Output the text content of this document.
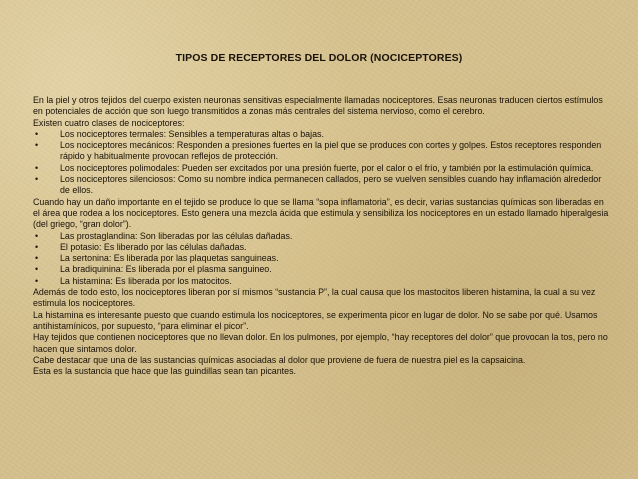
TIPOS DE RECEPTORES DEL DOLOR (NOCICEPTORES)

En la piel y otros tejidos del cuerpo existen neuronas sensitivas especialmente llamadas nociceptores. Esas neuronas traducen ciertos estímulos en potenciales de acción que son luego transmitidos a zonas más centrales del sistema nervioso, como el cerebro.

Existen cuatro clases de nociceptores:

• Los nociceptores termales: Sensibles a temperaturas altas o bajas.

• Los nociceptores mecánicos: Responden a presiones fuertes en la piel que se produces con cortes y golpes. Estos receptores responden rápido y habitualmente provocan reflejos de protección.

• Los nociceptores polimodales: Pueden ser excitados por una presión fuerte, por el calor o el frío, y también por la estimulación química.

• Los nociceptores silenciosos: Como su nombre indica permanecen callados, pero se vuelven sensibles cuando hay inflamación alrededor de ellos.

Cuando hay un daño importante en el tejido se produce lo que se llama “sopa inflamatoria”, es decir, varias sustancias químicas son liberadas en el área que rodea a los nociceptores. Esto genera una mezcla ácida que estimula y sensibiliza los nociceptores en un estado llamado hiperalgesia (del griego, “gran dolor”).

• Las prostaglandina: Son liberadas por las células dañadas.

• El potasio: Es liberado por las células dañadas.

• La sertonina: Es liberada por las plaquetas sanguineas.

• La bradiquinina: Es liberada por el plasma sanguineo.

• La histamina: Es liberada por los matocitos.

Además de todo esto, los nociceptores liberan por sí mismos “sustancia P”, la cual causa que los mastocitos liberen histamina, la cual a su vez estimula los nociceptores.

La histamina es interesante puesto que cuando estimula los nociceptores, se experimenta picor en lugar de dolor. No se sabe por qué. Usamos antihistamínicos, por supuesto, “para eliminar el picor”.

Hay tejidos que contienen nociceptores que no llevan dolor. En los pulmones, por ejemplo, “hay receptores del dolor” que provocan la tos, pero no hacen que sintamos dolor.

Cabe destacar que una de las sustancias químicas asociadas al dolor que proviene de fuera de nuestra piel es la capsaicina.

Esta es la sustancia que hace que las guindillas sean tan picantes.
